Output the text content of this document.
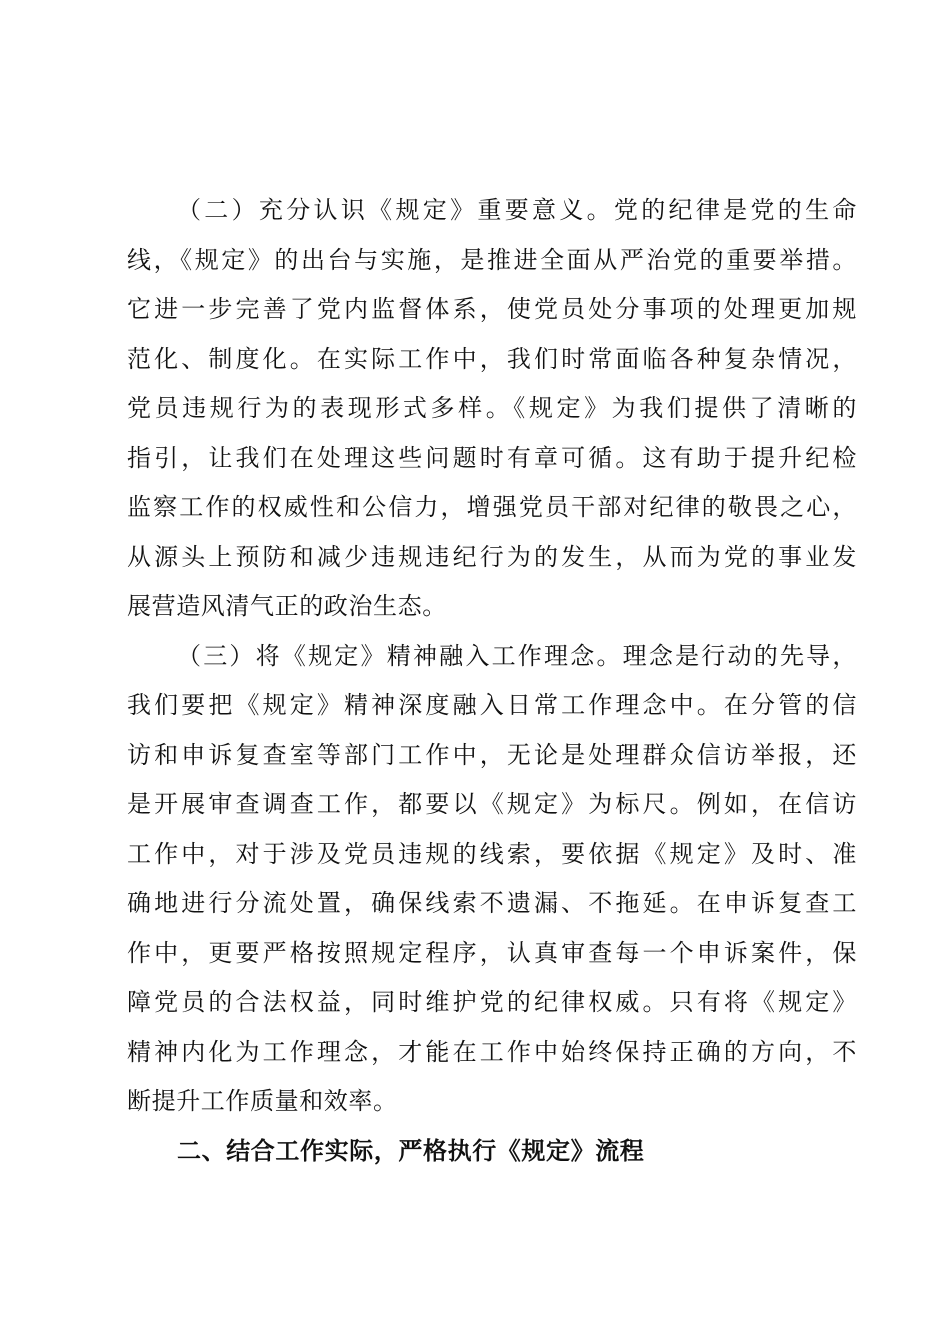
（二）充分认识《规定》重要意义。党的纪律是党的生命
线，《规定》的出台与实施，是推进全面从严治党的重要举措。
它进一步完善了党内监督体系，使党员处分事项的处理更加规
范化、制度化。在实际工作中，我们时常面临各种复杂情况，
党员违规行为的表现形式多样。《规定》为我们提供了清晰的
指引，让我们在处理这些问题时有章可循。这有助于提升纪检
监察工作的权威性和公信力，增强党员干部对纪律的敬畏之心，
从源头上预防和减少违规违纪行为的发生，从而为党的事业发
展营造风清气正的政治生态。
（三）将《规定》精神融入工作理念。理念是行动的先导，
我们要把《规定》精神深度融入日常工作理念中。在分管的信
访和申诉复查室等部门工作中，无论是处理群众信访举报，还
是开展审查调查工作，都要以《规定》为标尺。例如，在信访
工作中，对于涉及党员违规的线索，要依据《规定》及时、准
确地进行分流处置，确保线索不遗漏、不拖延。在申诉复查工
作中，更要严格按照规定程序，认真审查每一个申诉案件，保
障党员的合法权益，同时维护党的纪律权威。只有将《规定》
精神内化为工作理念，才能在工作中始终保持正确的方向，不
断提升工作质量和效率。
二、结合工作实际，严格执行《规定》流程
